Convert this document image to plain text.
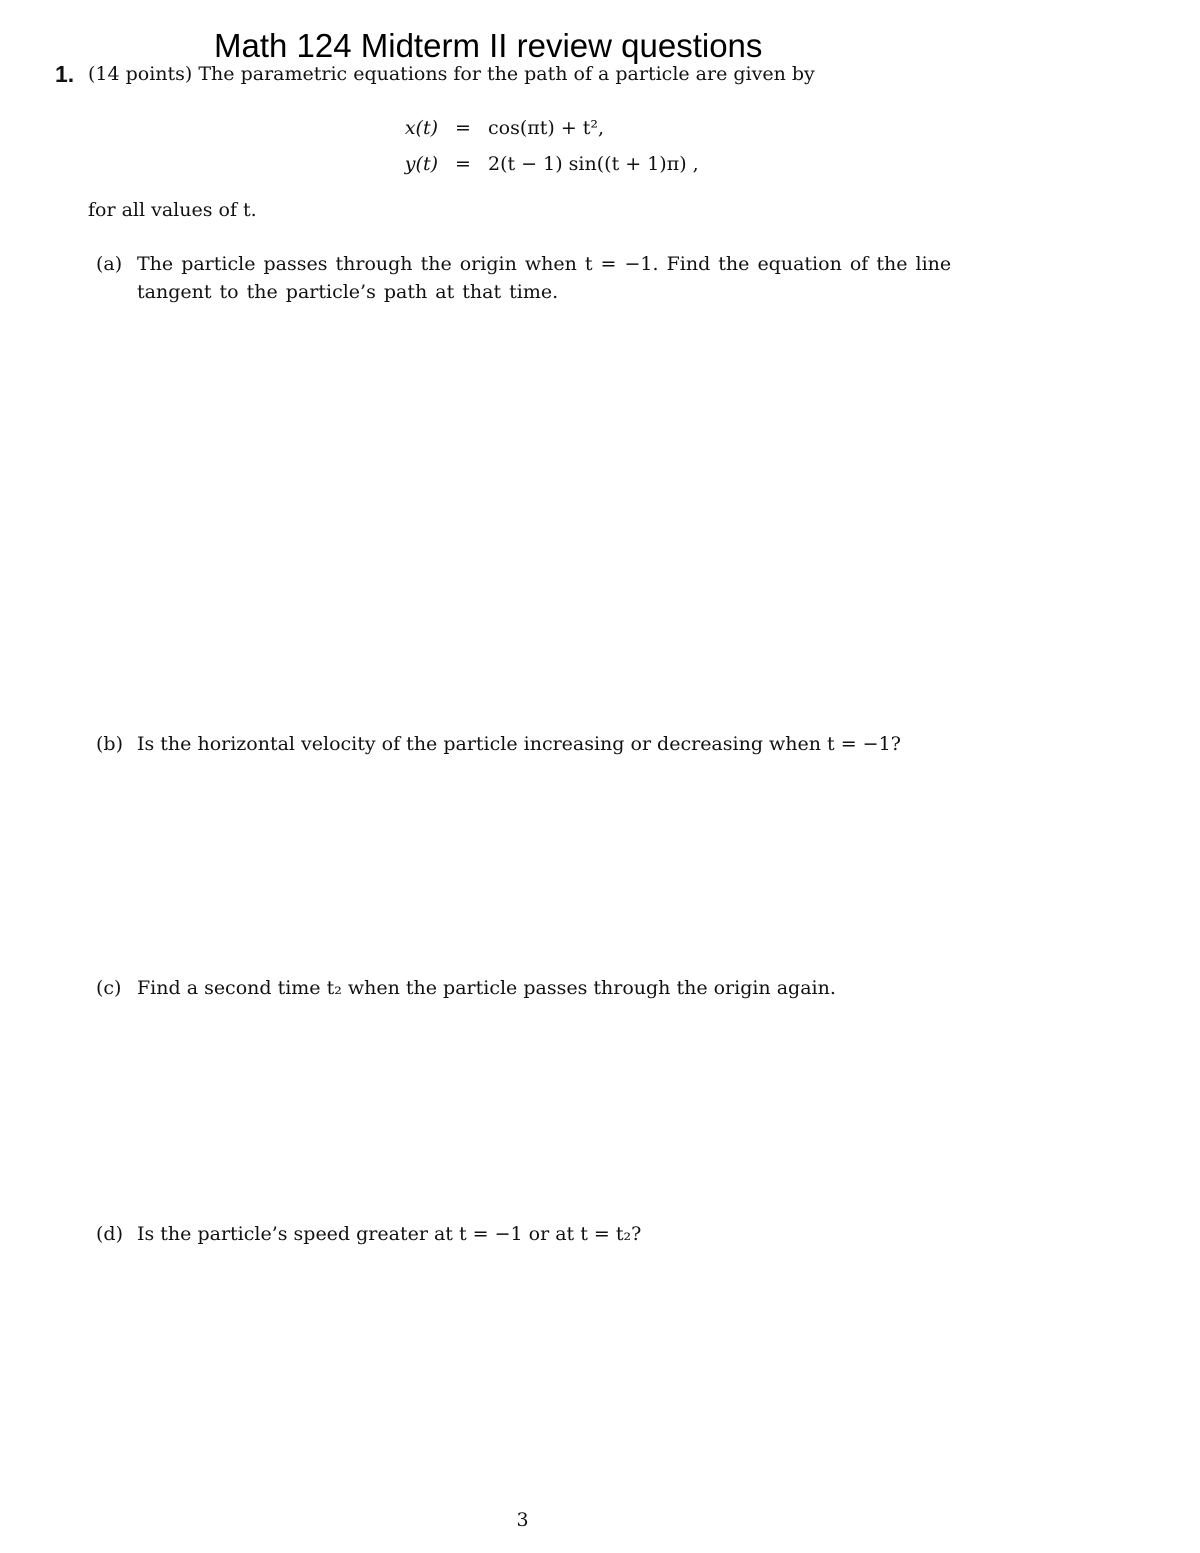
Math 124 Midterm II review questions
1. (14 points) The parametric equations for the path of a particle are given by
x(t)	=	cos(πt) + t²,
y(t)	=	2(t − 1) sin((t + 1)π) ,
for all values of t.
(a) The particle passes through the origin when t = −1. Find the equation of the line tangent to the particle’s path at that time.
(b) Is the horizontal velocity of the particle increasing or decreasing when t = −1?
(c) Find a second time t₂ when the particle passes through the origin again.
(d) Is the particle’s speed greater at t = −1 or at t = t₂?
3
